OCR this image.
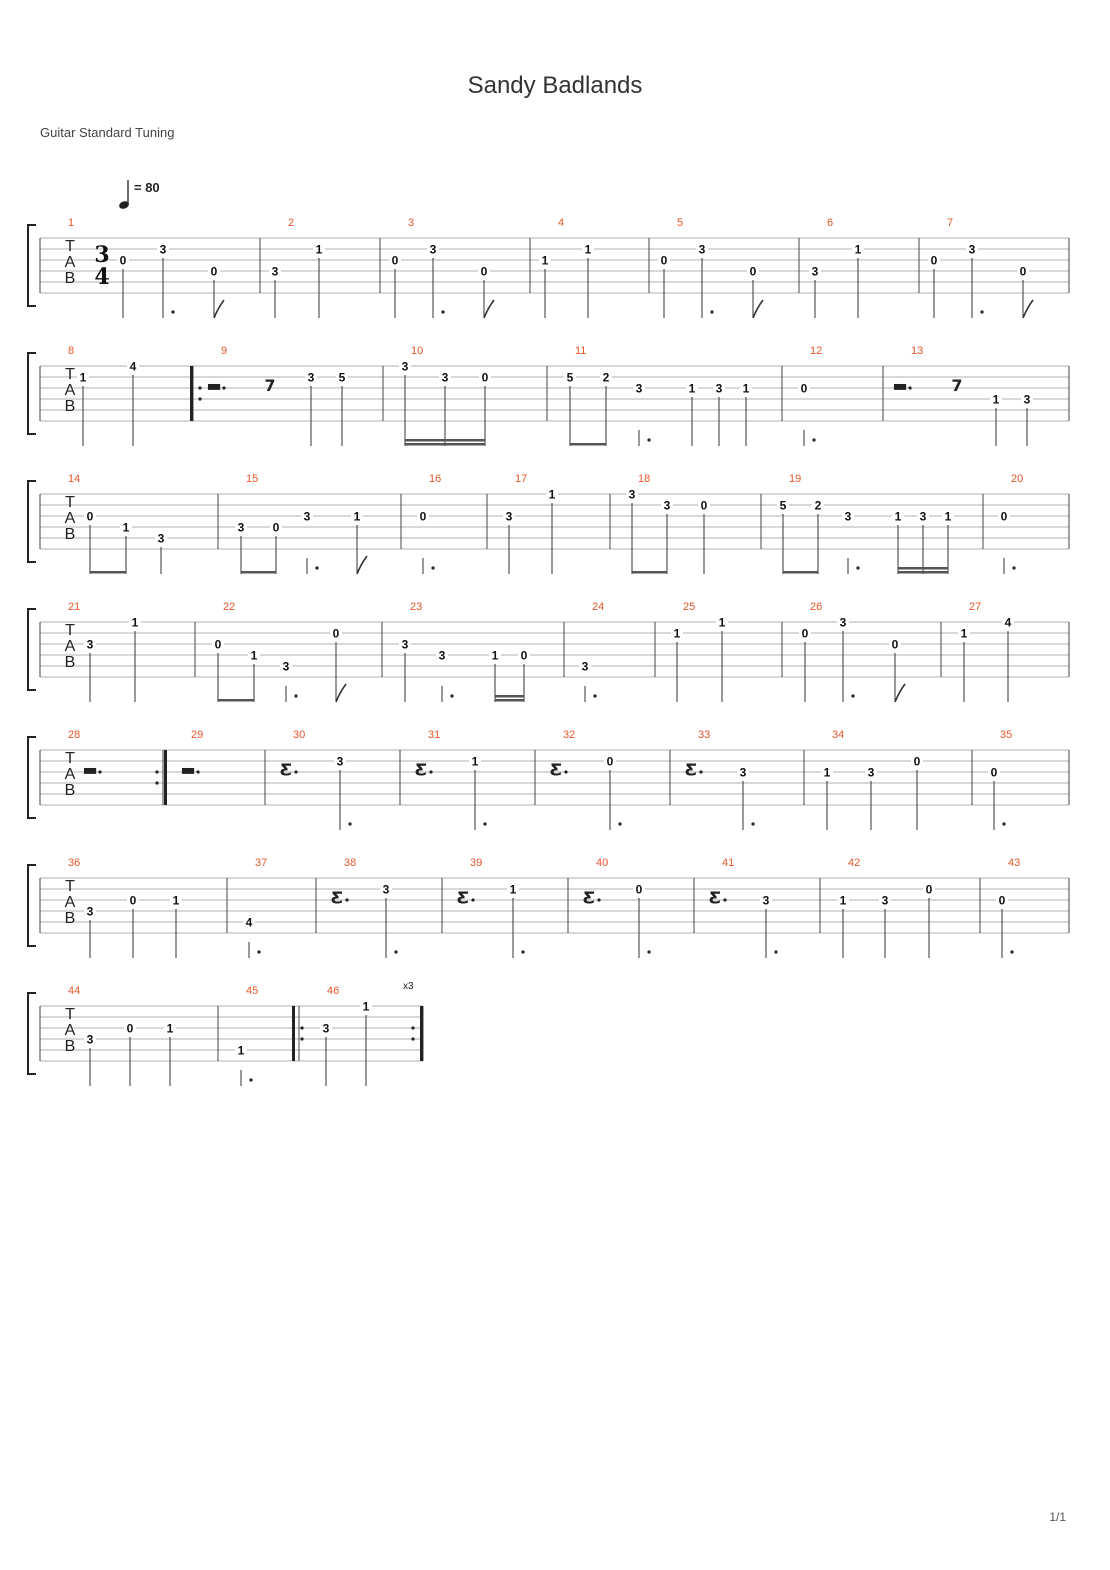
Sandy Badlands
Guitar Standard Tuning
= 80
T
A
B
3
4
1
0
3
0
2
3
1
3
0
3
0
4
1
1
5
0
3
0
6
3
1
7
0
3
0
T
A
B
8
1
4
9
3 5
10
3
3	0
11
5 2
3	1 3 1
12
0
13
1 3
T
A
B
14
0
1
3
15
3 0
3	1
16
0
17
3
1
18
3
3	0
19
5 2
3	1 3 1
20
0
T
A
B
21
3
1
22
0
1
3
0
23
3
3	1 0
24
3
25
1
1
26
0
3
0
27
1
4
T
A
B
28	29	30
3
31
1
32
0
33
3
34
1	3
0
35
0
T
A
B
36
3
0	1
37
4
38
3
39
1
40
0
41
3
42
1	3
0
43
0
T
A
B
44
3
0	1
45
1
46
3
1
x3
▬	7	▬	7
▬	▬	Ƹ	Ƹ	Ƹ	Ƹ
Ƹ	Ƹ	Ƹ	Ƹ
1/1
